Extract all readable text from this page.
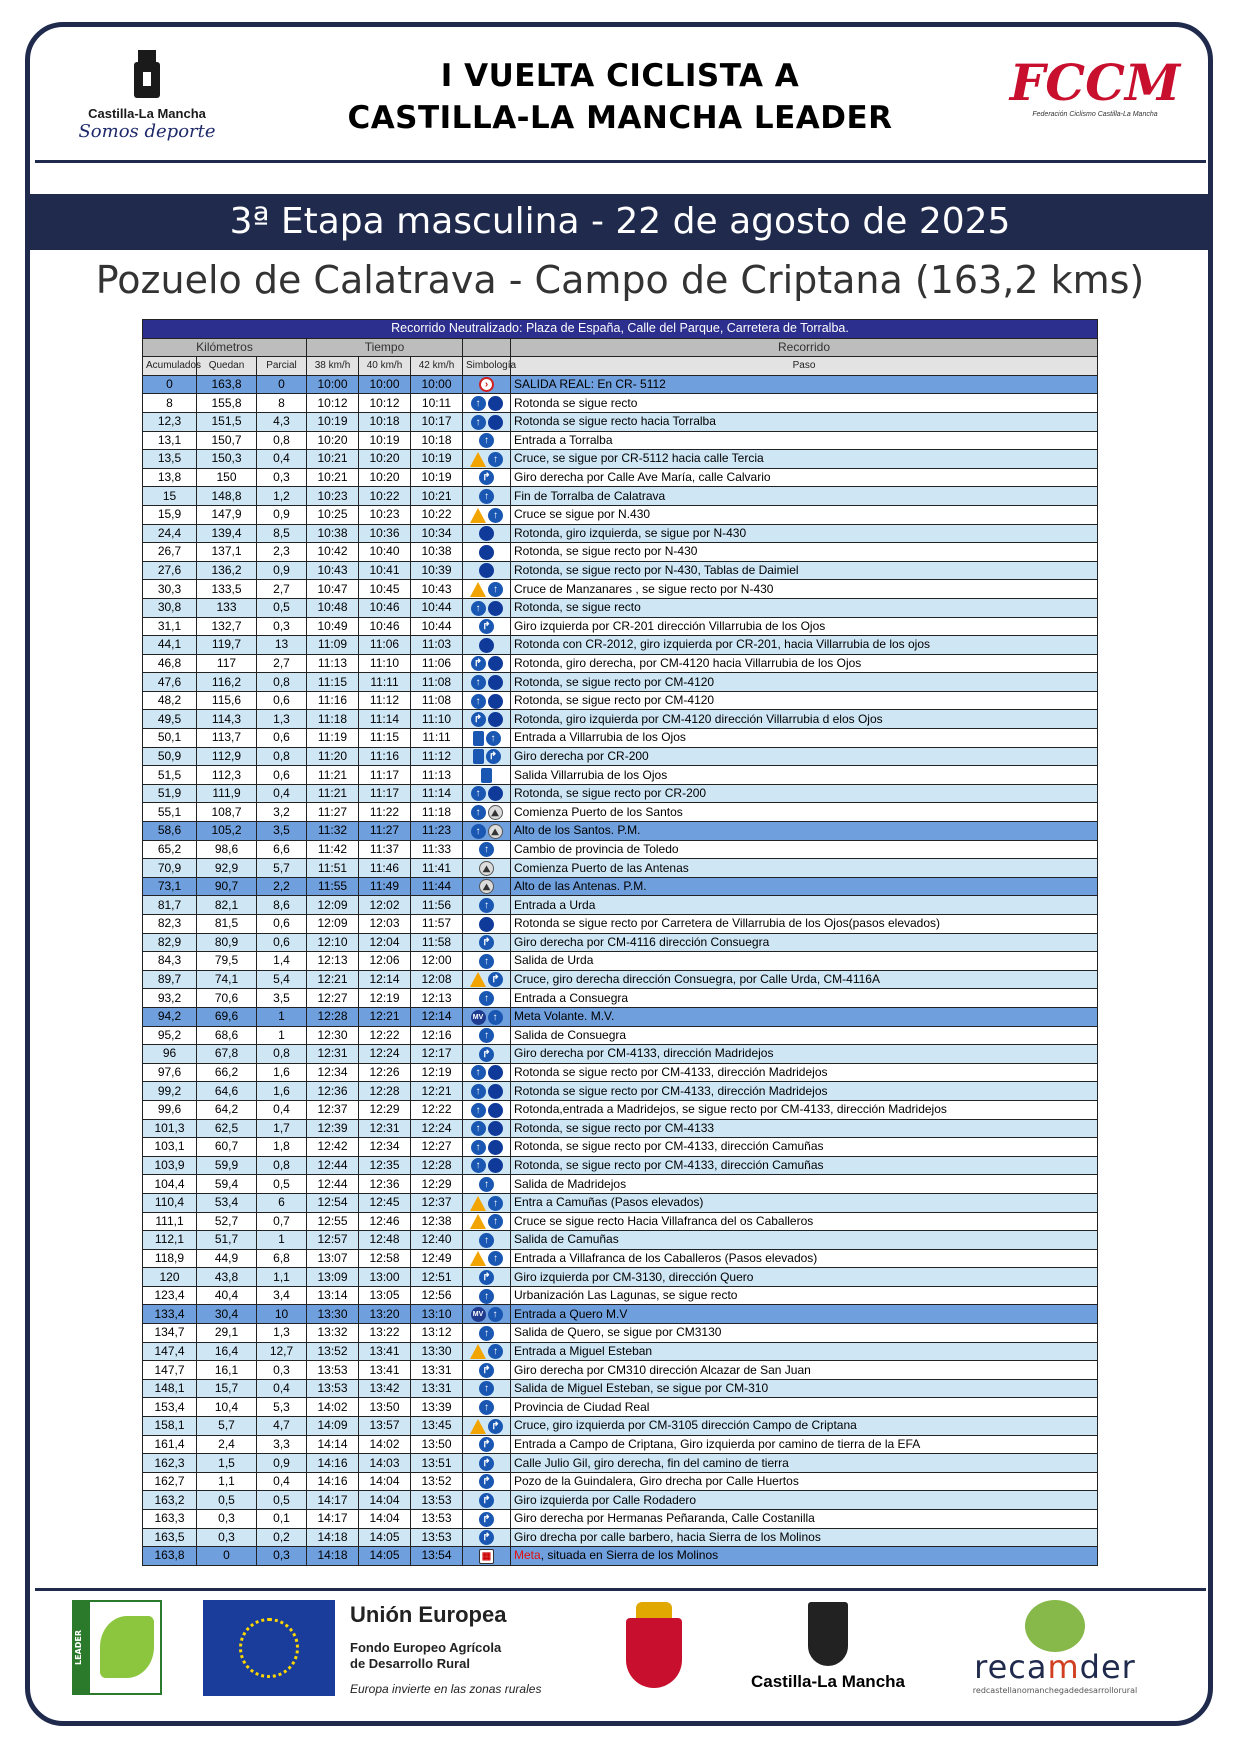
Castilla-La Mancha
Somos deporte
I VUELTA CICLISTA A
CASTILLA-LA MANCHA LEADER
FCCM
Federación Ciclismo Castilla-La Mancha
3ª Etapa masculina - 22 de agosto de 2025
Pozuelo de Calatrava - Campo de Criptana (163,2 kms)
Recorrido Neutralizado: Plaza de España, Calle del Parque, Carretera de Torralba.							
Kilómetros			Tiempo				Recorrido
Acumulados	Quedan	Parcial	38 km/h	40 km/h	42 km/h	Simbología	Paso
0	163,8	0	10:00	10:00	10:00	›	SALIDA REAL: En CR- 5112
8	155,8	8	10:12	10:12	10:11	↑	Rotonda se sigue recto
12,3	151,5	4,3	10:19	10:18	10:17	↑	Rotonda se sigue recto hacia Torralba
13,1	150,7	0,8	10:20	10:19	10:18	↑	Entrada a Torralba
13,5	150,3	0,4	10:21	10:20	10:19	↑	Cruce, se sigue por CR-5112 hacia calle Tercia
13,8	150	0,3	10:21	10:20	10:19	↱	Giro derecha por Calle Ave María, calle Calvario
15	148,8	1,2	10:23	10:22	10:21	↑	Fin de Torralba de Calatrava
15,9	147,9	0,9	10:25	10:23	10:22	↑	Cruce se sigue por N.430
24,4	139,4	8,5	10:38	10:36	10:34		Rotonda, giro izquierda, se sigue por N-430
26,7	137,1	2,3	10:42	10:40	10:38		Rotonda, se sigue recto por N-430
27,6	136,2	0,9	10:43	10:41	10:39		Rotonda, se sigue recto por N-430, Tablas de Daimiel
30,3	133,5	2,7	10:47	10:45	10:43	↑	Cruce de Manzanares , se sigue recto por N-430
30,8	133	0,5	10:48	10:46	10:44	↑	Rotonda, se sigue recto
31,1	132,7	0,3	10:49	10:46	10:44	↱	Giro izquierda por CR-201 dirección Villarrubia de los Ojos
44,1	119,7	13	11:09	11:06	11:03		Rotonda con CR-2012, giro izquierda por CR-201, hacia Villarrubia de los ojos
46,8	117	2,7	11:13	11:10	11:06	↱	Rotonda, giro derecha, por CM-4120 hacia Villarrubia de los Ojos
47,6	116,2	0,8	11:15	11:11	11:08	↑	Rotonda, se sigue recto por CM-4120
48,2	115,6	0,6	11:16	11:12	11:08	↑	Rotonda, se sigue recto por CM-4120
49,5	114,3	1,3	11:18	11:14	11:10	↱	Rotonda, giro izquierda por CM-4120 dirección Villarrubia d elos Ojos
50,1	113,7	0,6	11:19	11:15	11:11	↑	Entrada a Villarrubia de los Ojos
50,9	112,9	0,8	11:20	11:16	11:12	↱	Giro derecha por CR-200
51,5	112,3	0,6	11:21	11:17	11:13		Salida Villarrubia de los Ojos
51,9	111,9	0,4	11:21	11:17	11:14	↑	Rotonda, se sigue recto por CR-200
55,1	108,7	3,2	11:27	11:22	11:18	↑ ⛰	Comienza Puerto de los Santos
58,6	105,2	3,5	11:32	11:27	11:23	↑ ⛰	Alto de los Santos. P.M.
65,2	98,6	6,6	11:42	11:37	11:33	↑	Cambio de provincia de Toledo
70,9	92,9	5,7	11:51	11:46	11:41	⛰	Comienza Puerto de las Antenas
73,1	90,7	2,2	11:55	11:49	11:44	⛰	Alto de las Antenas. P.M.
81,7	82,1	8,6	12:09	12:02	11:56	↑	Entrada a Urda
82,3	81,5	0,6	12:09	12:03	11:57		Rotonda se sigue recto por Carretera de Villarrubia de los Ojos(pasos elevados)
82,9	80,9	0,6	12:10	12:04	11:58	↱	Giro derecha por CM-4116 dirección Consuegra
84,3	79,5	1,4	12:13	12:06	12:00	↑	Salida de Urda
89,7	74,1	5,4	12:21	12:14	12:08	↱	Cruce, giro derecha dirección Consuegra, por Calle Urda, CM-4116A
93,2	70,6	3,5	12:27	12:19	12:13	↑	Entrada a Consuegra
94,2	69,6	1	12:28	12:21	12:14	MV ↑	Meta Volante. M.V.
95,2	68,6	1	12:30	12:22	12:16	↑	Salida de Consuegra
96	67,8	0,8	12:31	12:24	12:17	↱	Giro derecha por CM-4133, dirección Madridejos
97,6	66,2	1,6	12:34	12:26	12:19	↑	Rotonda se sigue recto por CM-4133, dirección Madridejos
99,2	64,6	1,6	12:36	12:28	12:21	↑	Rotonda se sigue recto por CM-4133, dirección Madridejos
99,6	64,2	0,4	12:37	12:29	12:22	↑	Rotonda,entrada a Madridejos, se sigue recto por CM-4133, dirección Madridejos
101,3	62,5	1,7	12:39	12:31	12:24	↑	Rotonda, se sigue recto por CM-4133
103,1	60,7	1,8	12:42	12:34	12:27	↑	Rotonda, se sigue recto por CM-4133, dirección Camuñas
103,9	59,9	0,8	12:44	12:35	12:28	↑	Rotonda, se sigue recto por CM-4133, dirección Camuñas
104,4	59,4	0,5	12:44	12:36	12:29	↑	Salida de Madridejos
110,4	53,4	6	12:54	12:45	12:37	↑	Entra a Camuñas (Pasos elevados)
111,1	52,7	0,7	12:55	12:46	12:38	↑	Cruce se sigue recto Hacia Villafranca del os Caballeros
112,1	51,7	1	12:57	12:48	12:40	↑	Salida de Camuñas
118,9	44,9	6,8	13:07	12:58	12:49	↑	Entrada a Villafranca de los Caballeros (Pasos elevados)
120	43,8	1,1	13:09	13:00	12:51	↱	Giro izquierda por CM-3130, dirección Quero
123,4	40,4	3,4	13:14	13:05	12:56	↑	Urbanización Las Lagunas, se sigue recto
133,4	30,4	10	13:30	13:20	13:10	MV ↑	Entrada a Quero M.V
134,7	29,1	1,3	13:32	13:22	13:12	↑	Salida de Quero, se sigue por CM3130
147,4	16,4	12,7	13:52	13:41	13:30	↑	Entrada a Miguel Esteban
147,7	16,1	0,3	13:53	13:41	13:31	↱	Giro derecha por CM310 dirección Alcazar de San Juan
148,1	15,7	0,4	13:53	13:42	13:31	↑	Salida de Miguel Esteban, se sigue por CM-310
153,4	10,4	5,3	14:02	13:50	13:39	↑	Provincia de Ciudad Real
158,1	5,7	4,7	14:09	13:57	13:45	↱	Cruce, giro izquierda por CM-3105 dirección Campo de Criptana
161,4	2,4	3,3	14:14	14:02	13:50	↱	Entrada a Campo de Criptana, Giro izquierda por camino de tierra de la EFA
162,3	1,5	0,9	14:16	14:03	13:51	↱	Calle Julio Gil, giro derecha, fin del camino de tierra
162,7	1,1	0,4	14:16	14:04	13:52	↱	Pozo de la Guindalera, Giro drecha por Calle Huertos
163,2	0,5	0,5	14:17	14:04	13:53	↱	Giro izquierda por Calle Rodadero
163,3	0,3	0,1	14:17	14:04	13:53	↱	Giro derecha por Hermanas Peñaranda, Calle Costanilla
163,5	0,3	0,2	14:18	14:05	13:53	↱	Giro drecha por calle barbero, hacia Sierra de los Molinos
163,8	0	0,3	14:18	14:05	13:54	▦	Meta, situada en Sierra de los Molinos
LEADER
Unión Europea
Fondo Europeo Agrícola
de Desarrollo Rural
Europa invierte en las zonas rurales	Castilla-La Mancha	recamder
redcastellanomanchegadedesarrollorural
